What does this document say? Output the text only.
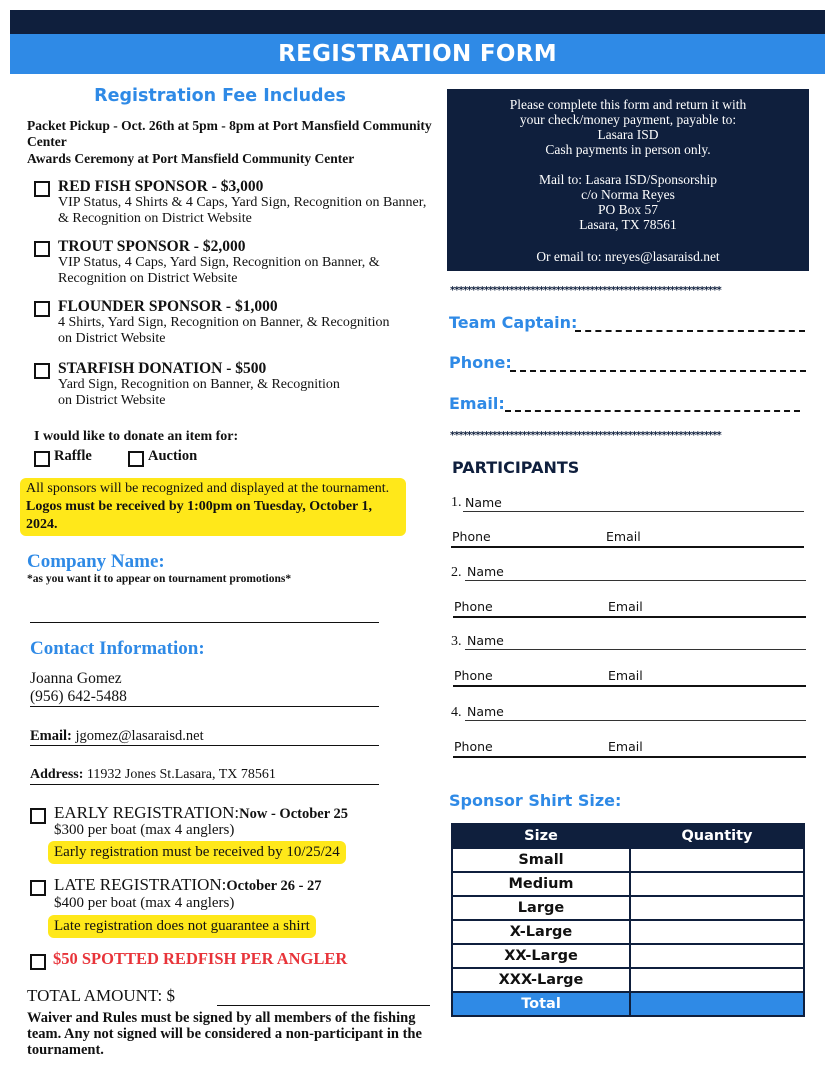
REGISTRATION FORM
Registration Fee Includes
Packet Pickup - Oct. 26th at 5pm - 8pm at Port Mansfield Community Center
Awards Ceremony at Port Mansfield Community Center
RED FISH SPONSOR - $3,000
VIP Status, 4 Shirts & 4 Caps, Yard Sign, Recognition on Banner, & Recognition on District Website
TROUT SPONSOR - $2,000
VIP Status, 4 Caps, Yard Sign, Recognition on Banner, & Recognition on District Website
FLOUNDER SPONSOR - $1,000
4 Shirts, Yard Sign, Recognition on Banner, & Recognition on District Website
STARFISH DONATION - $500
Yard Sign, Recognition on Banner, & Recognition on District Website
I would like to donate an item for:
Raffle	Auction
All sponsors will be recognized and displayed at the tournament. Logos must be received by 1:00pm on Tuesday, October 1, 2024.
Company Name:
*as you want it to appear on tournament promotions*
Contact Information:
Joanna Gomez
(956) 642-5488
Email: jgomez@lasaraisd.net
Address: 11932 Jones St.Lasara, TX 78561
EARLY REGISTRATION:Now - October 25
$300 per boat (max 4 anglers)
Early registration must be received by 10/25/24
LATE REGISTRATION:October 26 - 27
$400 per boat (max 4 anglers)
Late registration does not guarantee a shirt
$50 SPOTTED REDFISH PER ANGLER
TOTAL AMOUNT: $
Waiver and Rules must be signed by all members of the fishing team. Any not signed will be considered a non-participant in the tournament.
Please complete this form and return it with
your check/money payment, payable to:
Lasara ISD
Cash payments in person only.
Mail to: Lasara ISD/Sponsorship
c/o Norma Reyes
PO Box 57
Lasara, TX 78561
Or email to: nreyes@lasaraisd.net
****************************************************************
Team Captain:
Phone:
Email:
****************************************************************
PARTICIPANTS
1. Name
Phone	Email
2. Name
Phone	Email
3. Name
Phone	Email
4. Name
Phone	Email
Sponsor Shirt Size:
Size	Quantity
Small	
Medium	
Large	
X-Large	
XX-Large	
XXX-Large	
Total	
